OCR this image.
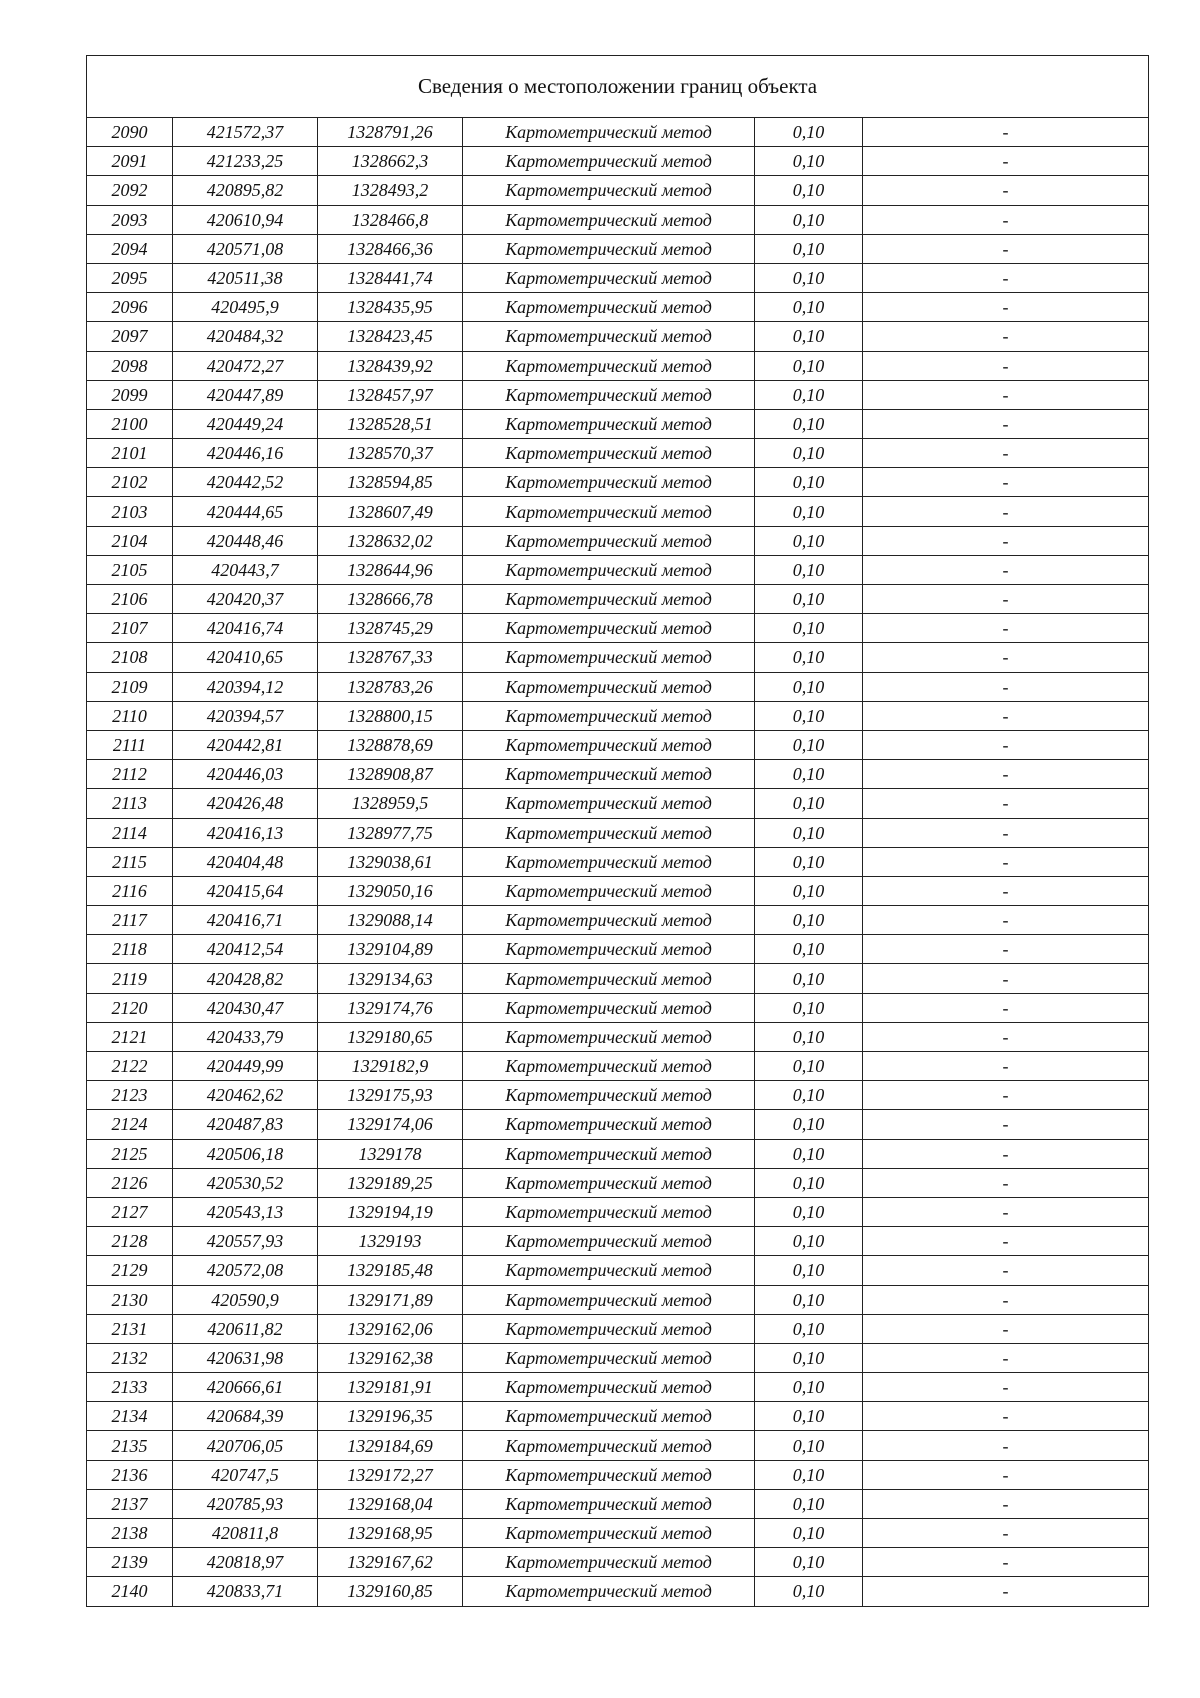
Сведения о местоположении границ объекта					
2090	421572,37	1328791,26	Картометрический метод	0,10	-
2091	421233,25	1328662,3	Картометрический метод	0,10	-
2092	420895,82	1328493,2	Картометрический метод	0,10	-
2093	420610,94	1328466,8	Картометрический метод	0,10	-
2094	420571,08	1328466,36	Картометрический метод	0,10	-
2095	420511,38	1328441,74	Картометрический метод	0,10	-
2096	420495,9	1328435,95	Картометрический метод	0,10	-
2097	420484,32	1328423,45	Картометрический метод	0,10	-
2098	420472,27	1328439,92	Картометрический метод	0,10	-
2099	420447,89	1328457,97	Картометрический метод	0,10	-
2100	420449,24	1328528,51	Картометрический метод	0,10	-
2101	420446,16	1328570,37	Картометрический метод	0,10	-
2102	420442,52	1328594,85	Картометрический метод	0,10	-
2103	420444,65	1328607,49	Картометрический метод	0,10	-
2104	420448,46	1328632,02	Картометрический метод	0,10	-
2105	420443,7	1328644,96	Картометрический метод	0,10	-
2106	420420,37	1328666,78	Картометрический метод	0,10	-
2107	420416,74	1328745,29	Картометрический метод	0,10	-
2108	420410,65	1328767,33	Картометрический метод	0,10	-
2109	420394,12	1328783,26	Картометрический метод	0,10	-
2110	420394,57	1328800,15	Картометрический метод	0,10	-
2111	420442,81	1328878,69	Картометрический метод	0,10	-
2112	420446,03	1328908,87	Картометрический метод	0,10	-
2113	420426,48	1328959,5	Картометрический метод	0,10	-
2114	420416,13	1328977,75	Картометрический метод	0,10	-
2115	420404,48	1329038,61	Картометрический метод	0,10	-
2116	420415,64	1329050,16	Картометрический метод	0,10	-
2117	420416,71	1329088,14	Картометрический метод	0,10	-
2118	420412,54	1329104,89	Картометрический метод	0,10	-
2119	420428,82	1329134,63	Картометрический метод	0,10	-
2120	420430,47	1329174,76	Картометрический метод	0,10	-
2121	420433,79	1329180,65	Картометрический метод	0,10	-
2122	420449,99	1329182,9	Картометрический метод	0,10	-
2123	420462,62	1329175,93	Картометрический метод	0,10	-
2124	420487,83	1329174,06	Картометрический метод	0,10	-
2125	420506,18	1329178	Картометрический метод	0,10	-
2126	420530,52	1329189,25	Картометрический метод	0,10	-
2127	420543,13	1329194,19	Картометрический метод	0,10	-
2128	420557,93	1329193	Картометрический метод	0,10	-
2129	420572,08	1329185,48	Картометрический метод	0,10	-
2130	420590,9	1329171,89	Картометрический метод	0,10	-
2131	420611,82	1329162,06	Картометрический метод	0,10	-
2132	420631,98	1329162,38	Картометрический метод	0,10	-
2133	420666,61	1329181,91	Картометрический метод	0,10	-
2134	420684,39	1329196,35	Картометрический метод	0,10	-
2135	420706,05	1329184,69	Картометрический метод	0,10	-
2136	420747,5	1329172,27	Картометрический метод	0,10	-
2137	420785,93	1329168,04	Картометрический метод	0,10	-
2138	420811,8	1329168,95	Картометрический метод	0,10	-
2139	420818,97	1329167,62	Картометрический метод	0,10	-
2140	420833,71	1329160,85	Картометрический метод	0,10	-
